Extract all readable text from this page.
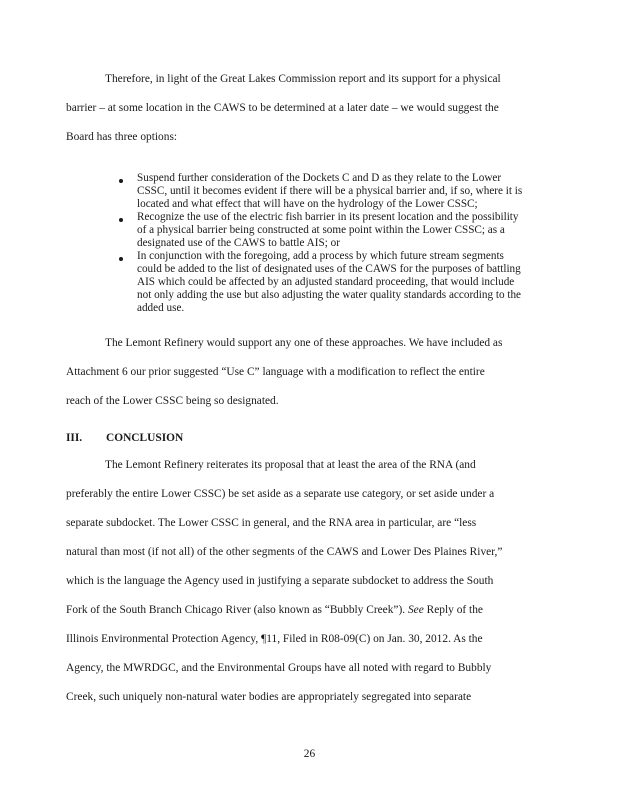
Therefore, in light of the Great Lakes Commission report and its support for a physical
barrier – at some location in the CAWS to be determined at a later date – we would suggest the
Board has three options:
Suspend further consideration of the Dockets C and D as they relate to the Lower
CSSC, until it becomes evident if there will be a physical barrier and, if so, where it is
located and what effect that will have on the hydrology of the Lower CSSC;
Recognize the use of the electric fish barrier in its present location and the possibility
of a physical barrier being constructed at some point within the Lower CSSC; as a
designated use of the CAWS to battle AIS; or
In conjunction with the foregoing, add a process by which future stream segments
could be added to the list of designated uses of the CAWS for the purposes of battling
AIS which could be affected by an adjusted standard proceeding, that would include
not only adding the use but also adjusting the water quality standards according to the
added use.
The Lemont Refinery would support any one of these approaches. We have included as
Attachment 6 our prior suggested “Use C” language with a modification to reflect the entire
reach of the Lower CSSC being so designated.
III. CONCLUSION
The Lemont Refinery reiterates its proposal that at least the area of the RNA (and
preferably the entire Lower CSSC) be set aside as a separate use category, or set aside under a
separate subdocket. The Lower CSSC in general, and the RNA area in particular, are “less
natural than most (if not all) of the other segments of the CAWS and Lower Des Plaines River,”
which is the language the Agency used in justifying a separate subdocket to address the South
Fork of the South Branch Chicago River (also known as “Bubbly Creek”). See Reply of the
Illinois Environmental Protection Agency, ¶11, Filed in R08-09(C) on Jan. 30, 2012. As the
Agency, the MWRDGC, and the Environmental Groups have all noted with regard to Bubbly
Creek, such uniquely non-natural water bodies are appropriately segregated into separate
26
